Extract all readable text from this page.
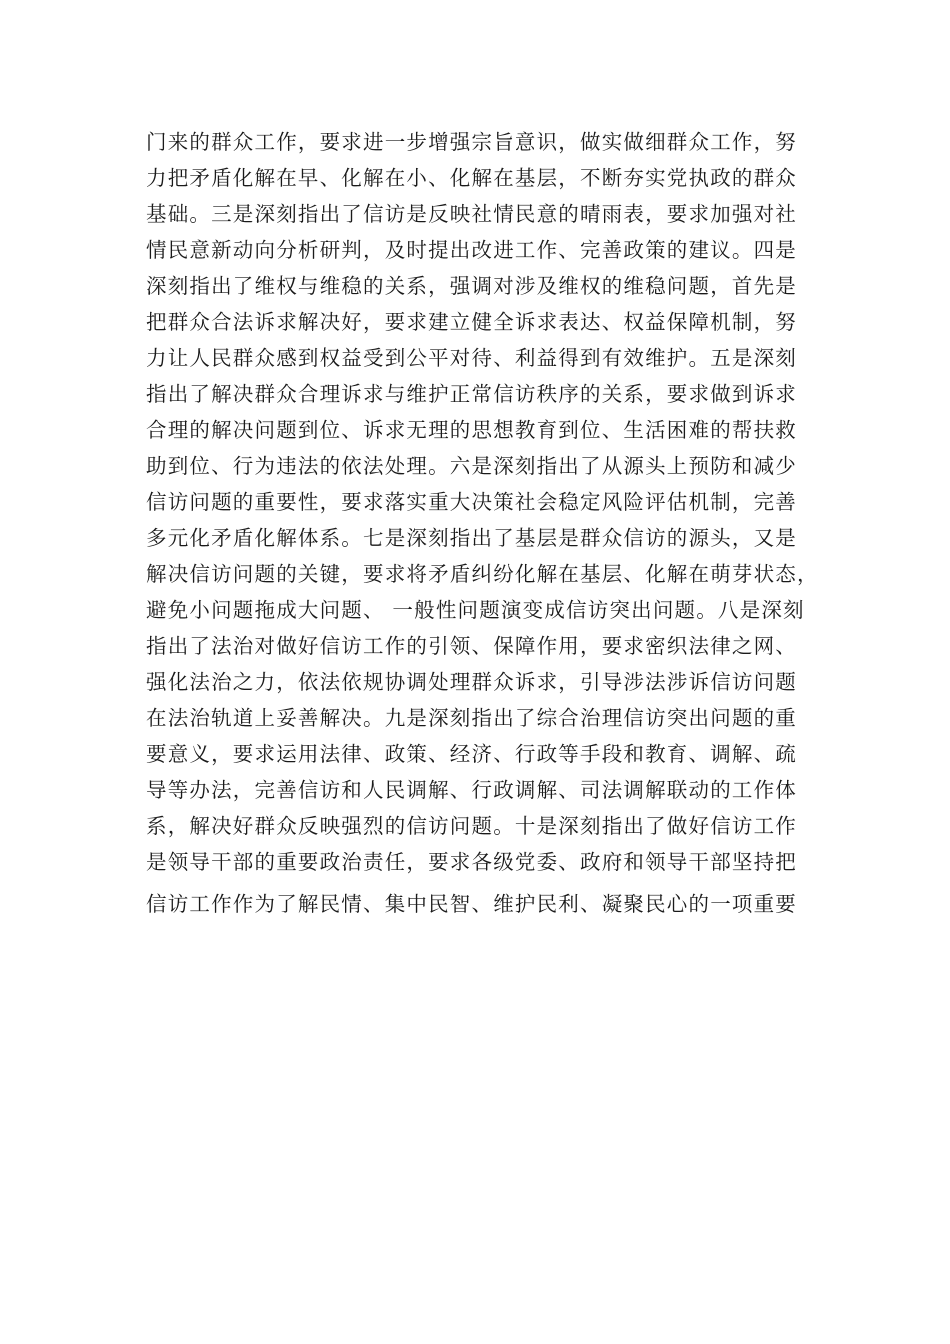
门来的群众工作，要求进一步增强宗旨意识，做实做细群众工作，努
力把矛盾化解在早、化解在小、化解在基层，不断夯实党执政的群众
基础。三是深刻指出了信访是反映社情民意的晴雨表，要求加强对社
情民意新动向分析研判，及时提出改进工作、完善政策的建议。四是
深刻指出了维权与维稳的关系，强调对涉及维权的维稳问题，首先是
把群众合法诉求解决好，要求建立健全诉求表达、权益保障机制，努
力让人民群众感到权益受到公平对待、利益得到有效维护。五是深刻
指出了解决群众合理诉求与维护正常信访秩序的关系，要求做到诉求
合理的解决问题到位、诉求无理的思想教育到位、生活困难的帮扶救
助到位、行为违法的依法处理。六是深刻指出了从源头上预防和减少
信访问题的重要性，要求落实重大决策社会稳定风险评估机制，完善
多元化矛盾化解体系。七是深刻指出了基层是群众信访的源头，又是
解决信访问题的关键，要求将矛盾纠纷化解在基层、化解在萌芽状态，
避免小问题拖成大问题、 一般性问题演变成信访突出问题。八是深刻
指出了法治对做好信访工作的引领、保障作用，要求密织法律之网、
强化法治之力，依法依规协调处理群众诉求，引导涉法涉诉信访问题
在法治轨道上妥善解决。九是深刻指出了综合治理信访突出问题的重
要意义，要求运用法律、政策、经济、行政等手段和教育、调解、疏
导等办法，完善信访和人民调解、行政调解、司法调解联动的工作体
系，解决好群众反映强烈的信访问题。十是深刻指出了做好信访工作
是领导干部的重要政治责任，要求各级党委、政府和领导干部坚持把
信访工作作为了解民情、集中民智、维护民利、凝聚民心的一项重要
